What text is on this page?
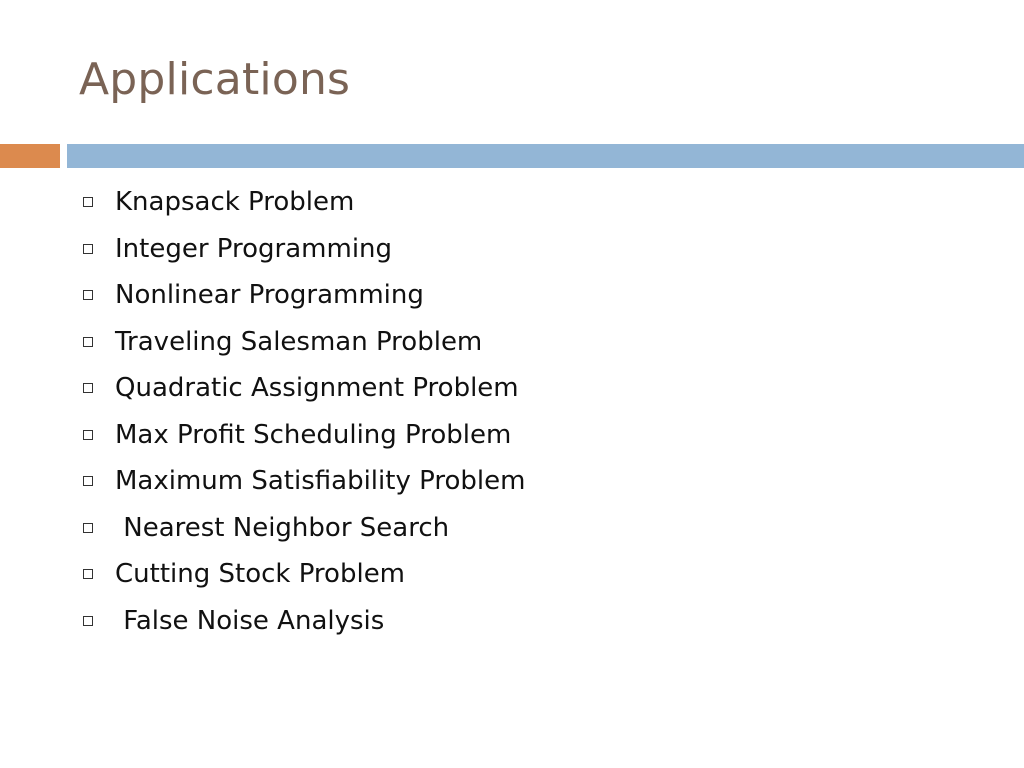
Applications
Knapsack Problem
Integer Programming
Nonlinear Programming
Traveling Salesman Problem
Quadratic Assignment Problem
Max Profit Scheduling Problem
Maximum Satisfiability Problem
Nearest Neighbor Search
Cutting Stock Problem
False Noise Analysis
